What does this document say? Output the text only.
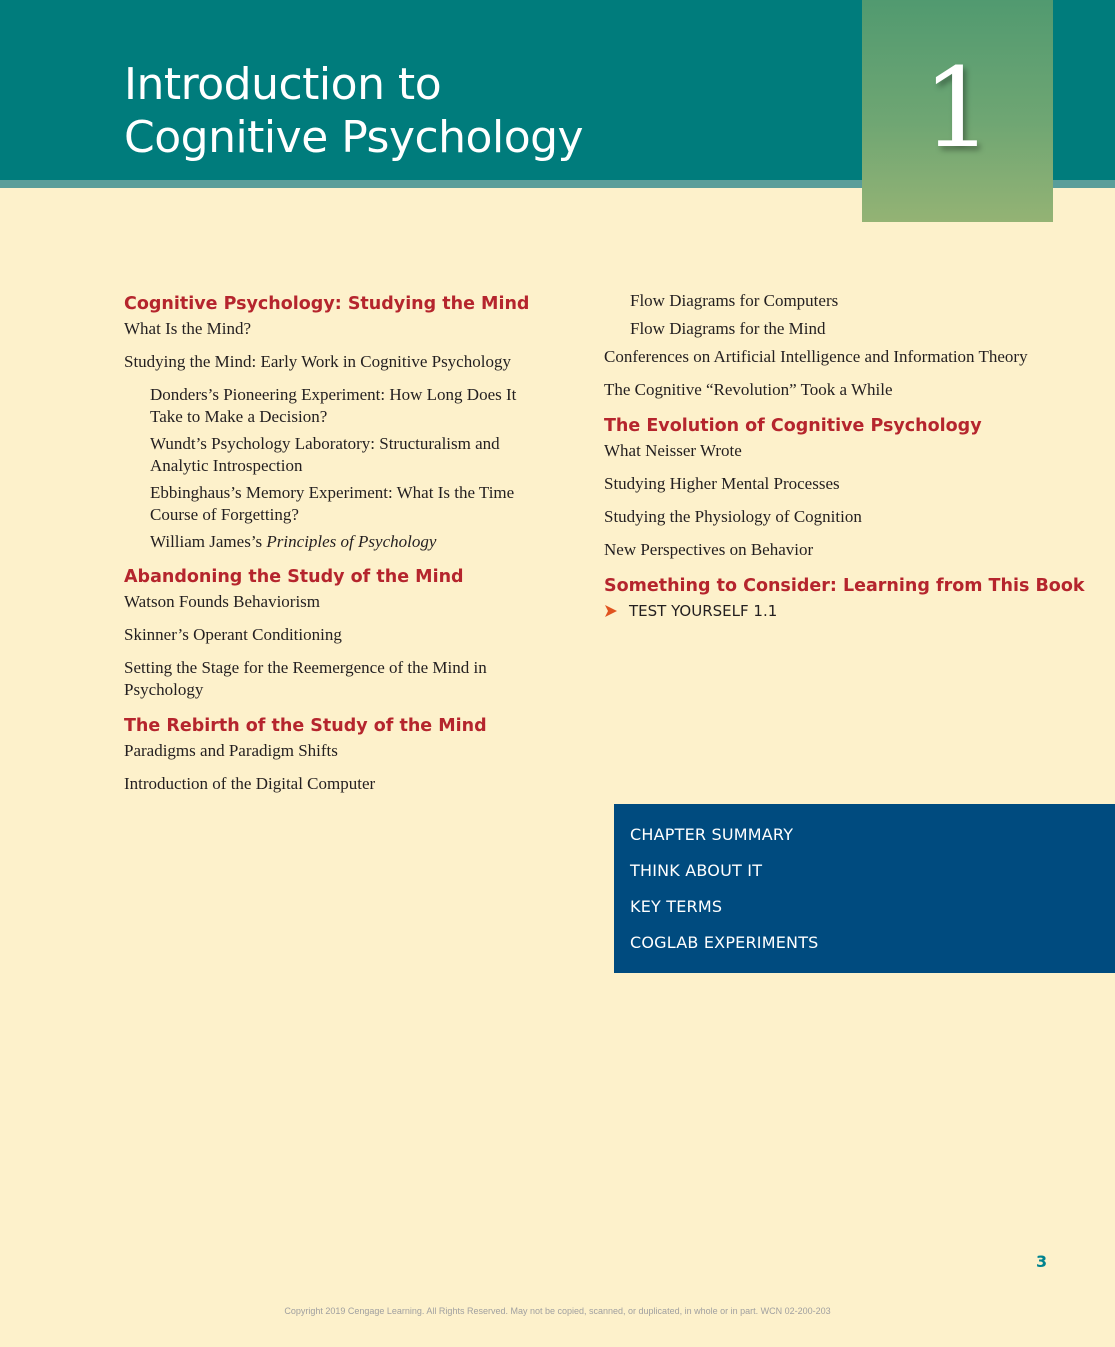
1
Introduction to
Cognitive Psychology
Cognitive Psychology: Studying the Mind

What Is the Mind?

Studying the Mind: Early Work in Cognitive Psychology

Donders’s Pioneering Experiment: How Long Does It
Take to Make a Decision?

Wundt’s Psychology Laboratory: Structuralism and
Analytic Introspection

Ebbinghaus’s Memory Experiment: What Is the Time
Course of Forgetting?

William James’s Principles of Psychology

Abandoning the Study of the Mind

Watson Founds Behaviorism

Skinner’s Operant Conditioning

Setting the Stage for the Reemergence of the Mind in
Psychology

The Rebirth of the Study of the Mind

Paradigms and Paradigm Shifts

Introduction of the Digital Computer

Flow Diagrams for Computers

Flow Diagrams for the Mind

Conferences on Artificial Intelligence and Information Theory

The Cognitive “Revolution” Took a While

The Evolution of Cognitive Psychology

What Neisser Wrote

Studying Higher Mental Processes

Studying the Physiology of Cognition

New Perspectives on Behavior

Something to Consider: Learning from This Book
TEST YOURSELF 1.1
CHAPTER SUMMARY
THINK ABOUT IT
KEY TERMS
COGLAB EXPERIMENTS
3
Copyright 2019 Cengage Learning. All Rights Reserved. May not be copied, scanned, or duplicated, in whole or in part. WCN 02-200-203
